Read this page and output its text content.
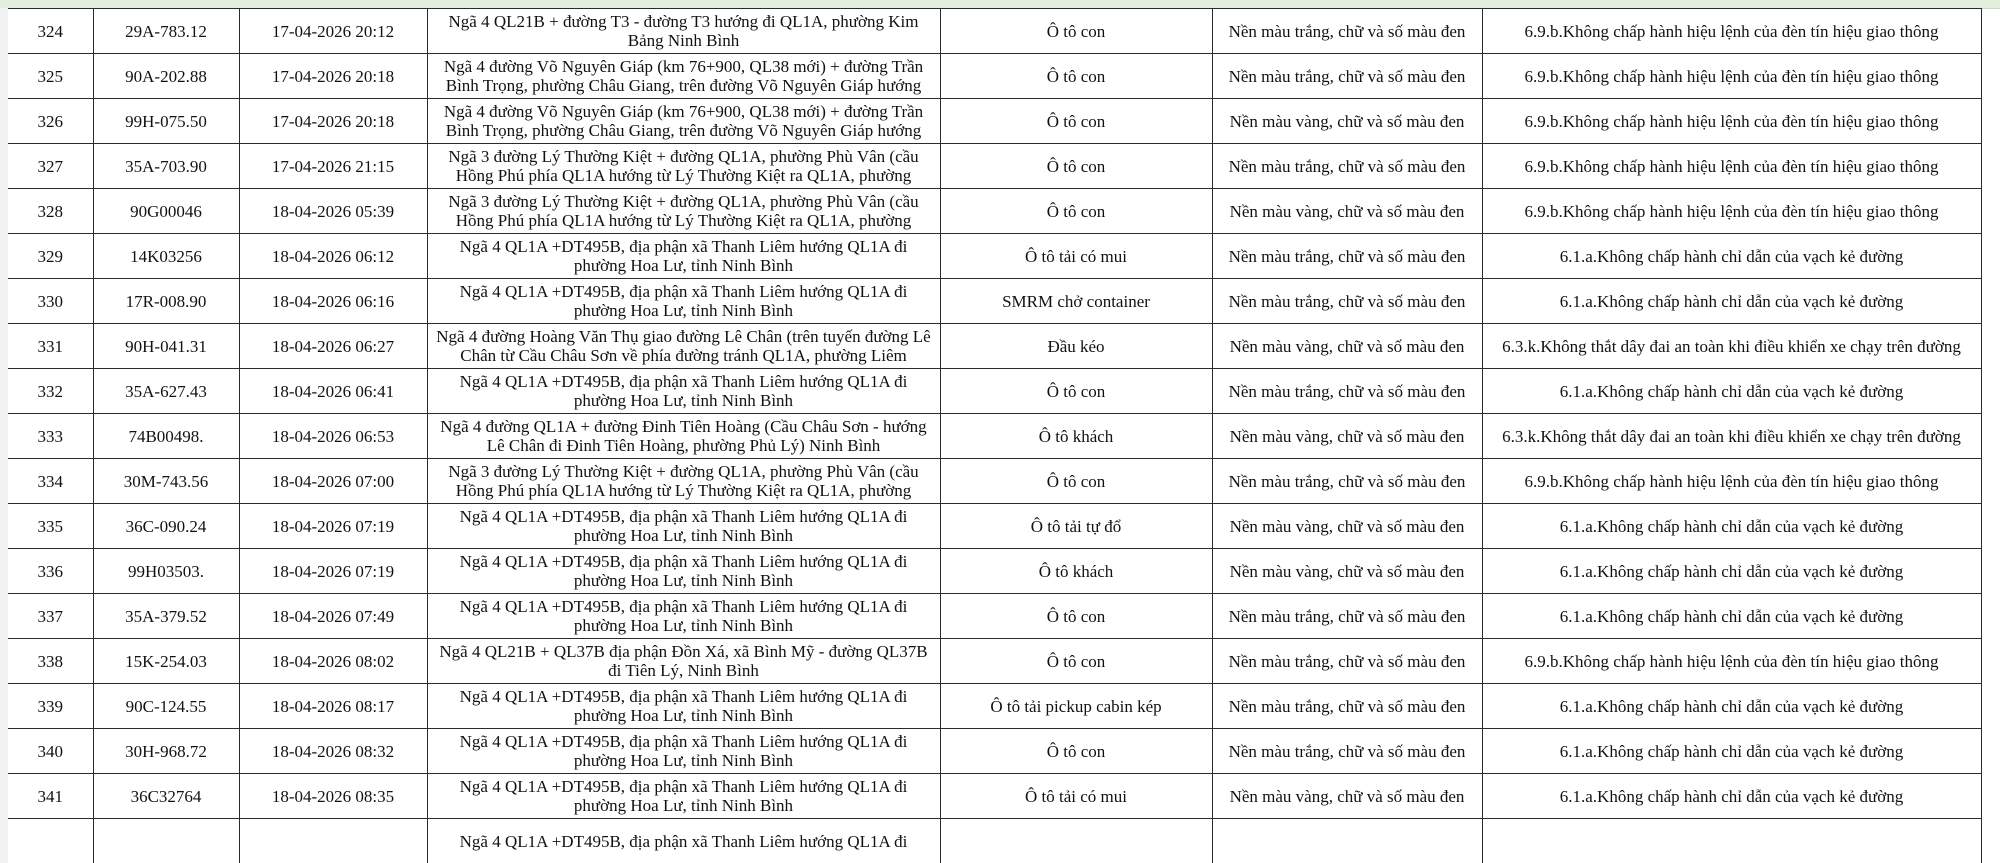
324	29A-783.12	17-04-2026 20:12	Ngã 4 QL21B + đường T3 - đường T3 hướng đi QL1A, phường Kim Bảng Ninh Bình	Ô tô con	Nền màu trắng, chữ và số màu đen	6.9.b.Không chấp hành hiệu lệnh của đèn tín hiệu giao thông
325	90A-202.88	17-04-2026 20:18	Ngã 4 đường Võ Nguyên Giáp (km 76+900, QL38 mới) + đường Trần Bình Trọng, phường Châu Giang, trên đường Võ Nguyên Giáp hướng	Ô tô con	Nền màu trắng, chữ và số màu đen	6.9.b.Không chấp hành hiệu lệnh của đèn tín hiệu giao thông
326	99H-075.50	17-04-2026 20:18	Ngã 4 đường Võ Nguyên Giáp (km 76+900, QL38 mới) + đường Trần Bình Trọng, phường Châu Giang, trên đường Võ Nguyên Giáp hướng	Ô tô con	Nền màu vàng, chữ và số màu đen	6.9.b.Không chấp hành hiệu lệnh của đèn tín hiệu giao thông
327	35A-703.90	17-04-2026 21:15	Ngã 3 đường Lý Thường Kiệt + đường QL1A, phường Phù Vân (cầu Hồng Phú phía QL1A hướng từ Lý Thường Kiệt ra QL1A, phường	Ô tô con	Nền màu trắng, chữ và số màu đen	6.9.b.Không chấp hành hiệu lệnh của đèn tín hiệu giao thông
328	90G00046	18-04-2026 05:39	Ngã 3 đường Lý Thường Kiệt + đường QL1A, phường Phù Vân (cầu Hồng Phú phía QL1A hướng từ Lý Thường Kiệt ra QL1A, phường	Ô tô con	Nền màu vàng, chữ và số màu đen	6.9.b.Không chấp hành hiệu lệnh của đèn tín hiệu giao thông
329	14K03256	18-04-2026 06:12	Ngã 4 QL1A +DT495B, địa phận xã Thanh Liêm hướng QL1A đi phường Hoa Lư, tỉnh Ninh Bình	Ô tô tải có mui	Nền màu trắng, chữ và số màu đen	6.1.a.Không chấp hành chỉ dẫn của vạch kẻ đường
330	17R-008.90	18-04-2026 06:16	Ngã 4 QL1A +DT495B, địa phận xã Thanh Liêm hướng QL1A đi phường Hoa Lư, tỉnh Ninh Bình	SMRM chở container	Nền màu trắng, chữ và số màu đen	6.1.a.Không chấp hành chỉ dẫn của vạch kẻ đường
331	90H-041.31	18-04-2026 06:27	Ngã 4 đường Hoàng Văn Thụ giao đường Lê Chân (trên tuyến đường Lê Chân từ Cầu Châu Sơn về phía đường tránh QL1A, phường Liêm	Đầu kéo	Nền màu vàng, chữ và số màu đen	6.3.k.Không thắt dây đai an toàn khi điều khiển xe chạy trên đường
332	35A-627.43	18-04-2026 06:41	Ngã 4 QL1A +DT495B, địa phận xã Thanh Liêm hướng QL1A đi phường Hoa Lư, tỉnh Ninh Bình	Ô tô con	Nền màu trắng, chữ và số màu đen	6.1.a.Không chấp hành chỉ dẫn của vạch kẻ đường
333	74B00498.	18-04-2026 06:53	Ngã 4 đường QL1A + đường Đinh Tiên Hoàng (Cầu Châu Sơn - hướng Lê Chân đi Đinh Tiên Hoàng, phường Phủ Lý) Ninh Bình	Ô tô khách	Nền màu vàng, chữ và số màu đen	6.3.k.Không thắt dây đai an toàn khi điều khiển xe chạy trên đường
334	30M-743.56	18-04-2026 07:00	Ngã 3 đường Lý Thường Kiệt + đường QL1A, phường Phù Vân (cầu Hồng Phú phía QL1A hướng từ Lý Thường Kiệt ra QL1A, phường	Ô tô con	Nền màu trắng, chữ và số màu đen	6.9.b.Không chấp hành hiệu lệnh của đèn tín hiệu giao thông
335	36C-090.24	18-04-2026 07:19	Ngã 4 QL1A +DT495B, địa phận xã Thanh Liêm hướng QL1A đi phường Hoa Lư, tỉnh Ninh Bình	Ô tô tải tự đổ	Nền màu vàng, chữ và số màu đen	6.1.a.Không chấp hành chỉ dẫn của vạch kẻ đường
336	99H03503.	18-04-2026 07:19	Ngã 4 QL1A +DT495B, địa phận xã Thanh Liêm hướng QL1A đi phường Hoa Lư, tỉnh Ninh Bình	Ô tô khách	Nền màu vàng, chữ và số màu đen	6.1.a.Không chấp hành chỉ dẫn của vạch kẻ đường
337	35A-379.52	18-04-2026 07:49	Ngã 4 QL1A +DT495B, địa phận xã Thanh Liêm hướng QL1A đi phường Hoa Lư, tỉnh Ninh Bình	Ô tô con	Nền màu trắng, chữ và số màu đen	6.1.a.Không chấp hành chỉ dẫn của vạch kẻ đường
338	15K-254.03	18-04-2026 08:02	Ngã 4 QL21B + QL37B địa phận Đồn Xá, xã Bình Mỹ - đường QL37B đi Tiên Lý, Ninh Bình	Ô tô con	Nền màu trắng, chữ và số màu đen	6.9.b.Không chấp hành hiệu lệnh của đèn tín hiệu giao thông
339	90C-124.55	18-04-2026 08:17	Ngã 4 QL1A +DT495B, địa phận xã Thanh Liêm hướng QL1A đi phường Hoa Lư, tỉnh Ninh Bình	Ô tô tải pickup cabin kép	Nền màu trắng, chữ và số màu đen	6.1.a.Không chấp hành chỉ dẫn của vạch kẻ đường
340	30H-968.72	18-04-2026 08:32	Ngã 4 QL1A +DT495B, địa phận xã Thanh Liêm hướng QL1A đi phường Hoa Lư, tỉnh Ninh Bình	Ô tô con	Nền màu trắng, chữ và số màu đen	6.1.a.Không chấp hành chỉ dẫn của vạch kẻ đường
341	36C32764	18-04-2026 08:35	Ngã 4 QL1A +DT495B, địa phận xã Thanh Liêm hướng QL1A đi phường Hoa Lư, tỉnh Ninh Bình	Ô tô tải có mui	Nền màu vàng, chữ và số màu đen	6.1.a.Không chấp hành chỉ dẫn của vạch kẻ đường

			Ngã 4 QL1A +DT495B, địa phận xã Thanh Liêm hướng QL1A đi			
